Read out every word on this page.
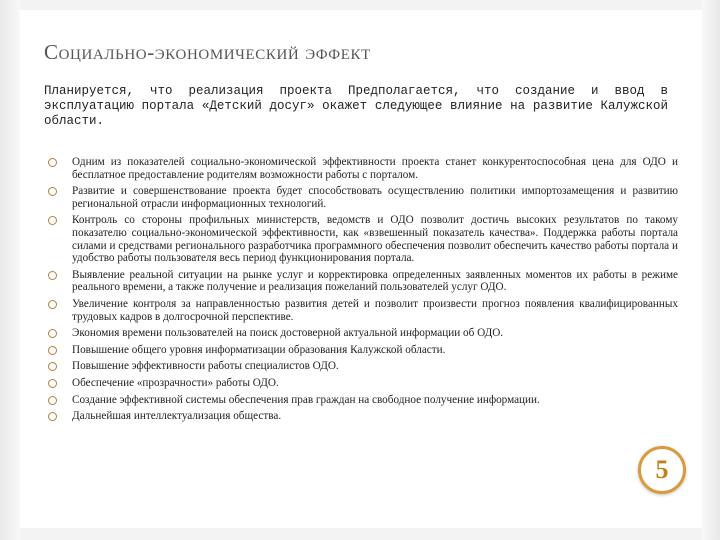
Социально-экономический эффект

Планируется, что реализация проекта Предполагается, что создание и ввод в эксплуатацию портала «Детский досуг» окажет следующее влияние на развитие Калужской области.

Одним из показателей социально-экономической эффективности проекта станет конкурентоспособная цена для ОДО и бесплатное предоставление родителям возможности работы с порталом.
Развитие и совершенствование проекта будет способствовать осуществлению политики импортозамещения и развитию региональной отрасли информационных технологий.
Контроль со стороны профильных министерств, ведомств и ОДО позволит достичь высоких результатов по такому показателю социально-экономической эффективности, как «взвешенный показатель качества». Поддержка работы портала силами и средствами регионального разработчика программного обеспечения позволит обеспечить качество работы портала и удобство работы пользователя весь период функционирования портала.
Выявление реальной ситуации на рынке услуг и корректировка определенных заявленных моментов их работы в режиме реального времени, а также получение и реализация пожеланий пользователей услуг ОДО.
Увеличение контроля за направленностью развития детей и позволит произвести прогноз появления квалифицированных трудовых кадров в долгосрочной перспективе.
Экономия времени пользователей на поиск достоверной актуальной информации об ОДО.
Повышение общего уровня информатизации образования Калужской области.
Повышение эффективности работы специалистов ОДО.
Обеспечение «прозрачности» работы ОДО.
Создание эффективной системы обеспечения прав граждан на свободное получение информации.
Дальнейшая интеллектуализация общества.
5
